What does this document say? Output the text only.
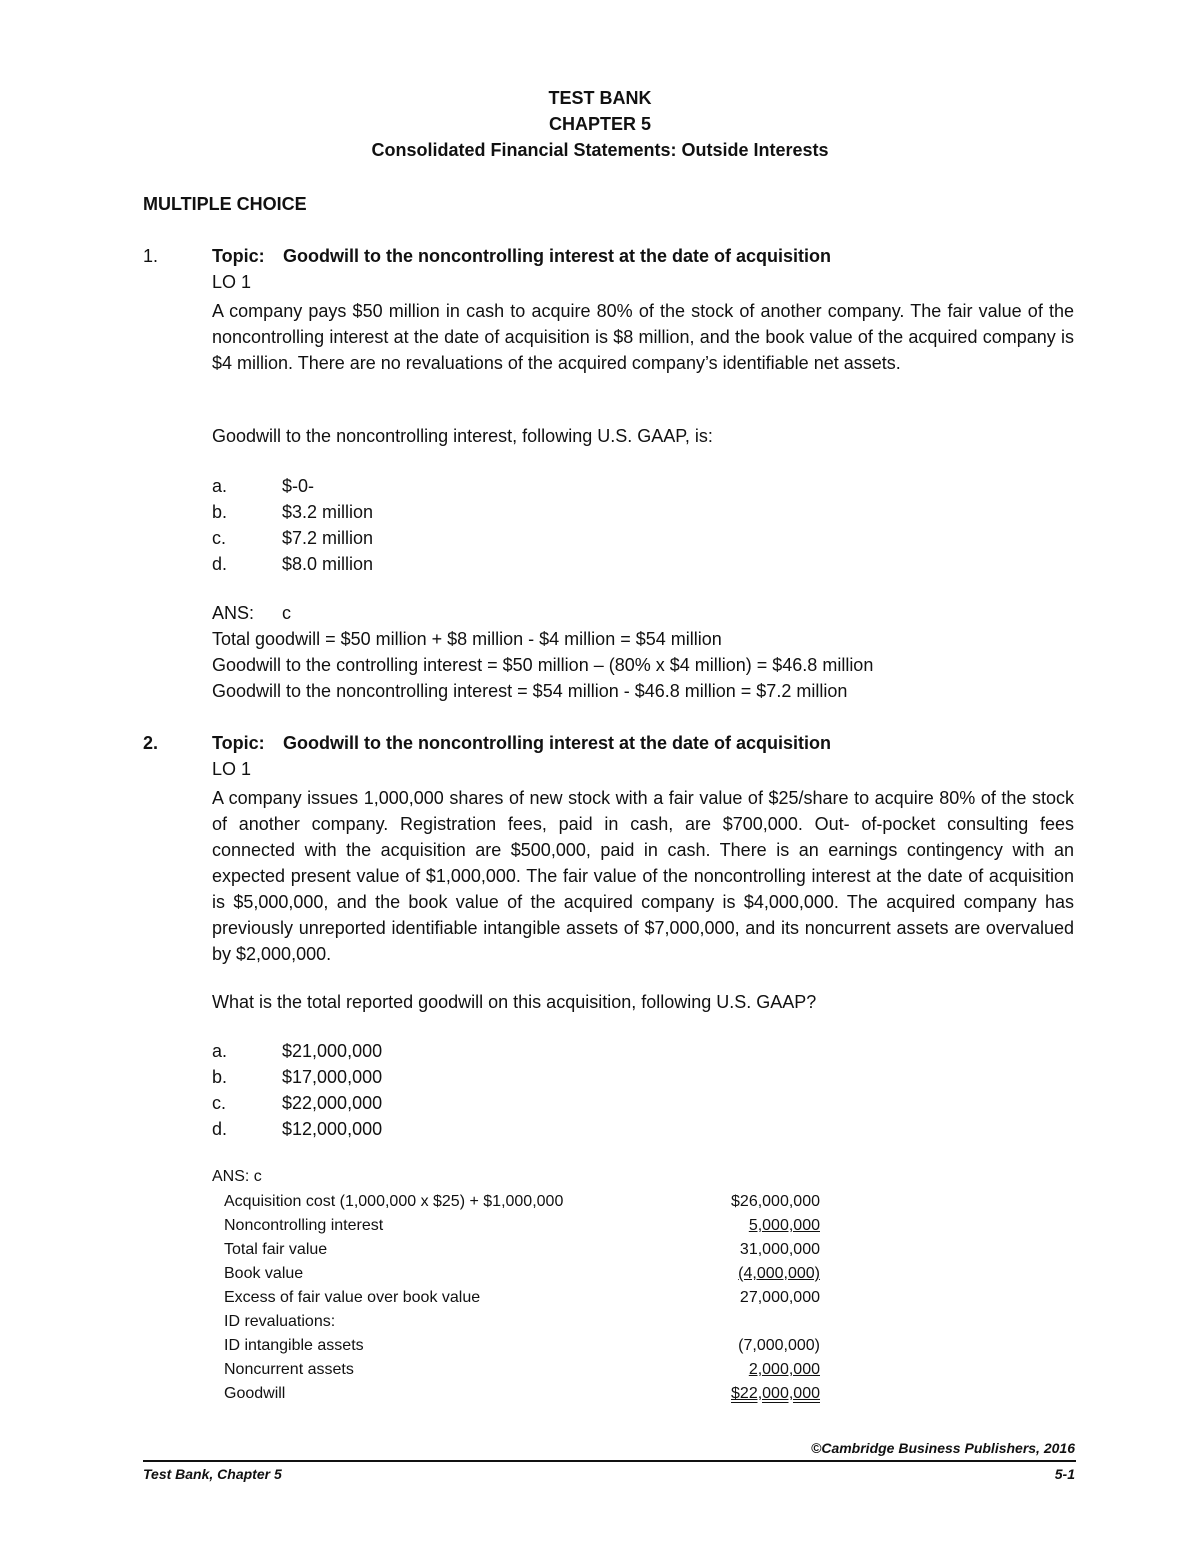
TEST BANK
CHAPTER 5
Consolidated Financial Statements: Outside Interests
MULTIPLE CHOICE
1.	Topic: Goodwill to the noncontrolling interest at the date of acquisition
LO 1
A company pays $50 million in cash to acquire 80% of the stock of another company. The fair value of the noncontrolling interest at the date of acquisition is $8 million, and the book value of the acquired company is $4 million. There are no revaluations of the acquired company’s identifiable net assets.
Goodwill to the noncontrolling interest, following U.S. GAAP, is:
a.	$-0-
b.	$3.2 million
c.	$7.2 million
d.	$8.0 million
ANS: c
Total goodwill = $50 million + $8 million - $4 million = $54 million
Goodwill to the controlling interest = $50 million – (80% x $4 million) = $46.8 million
Goodwill to the noncontrolling interest = $54 million - $46.8 million = $7.2 million
2.	Topic: Goodwill to the noncontrolling interest at the date of acquisition
LO 1
A company issues 1,000,000 shares of new stock with a fair value of $25/share to acquire 80% of the stock of another company. Registration fees, paid in cash, are $700,000. Out- of-pocket consulting fees connected with the acquisition are $500,000, paid in cash. There is an earnings contingency with an expected present value of $1,000,000. The fair value of the noncontrolling interest at the date of acquisition is $5,000,000, and the book value of the acquired company is $4,000,000. The acquired company has previously unreported identifiable intangible assets of $7,000,000, and its noncurrent assets are overvalued by $2,000,000.
What is the total reported goodwill on this acquisition, following U.S. GAAP?
a.	$21,000,000
b.	$17,000,000
c.	$22,000,000
d.	$12,000,000
ANS: c
Acquisition cost (1,000,000 x $25) + $1,000,000	$26,000,000
Noncontrolling interest	5,000,000
Total fair value	31,000,000
Book value	(4,000,000)
Excess of fair value over book value	27,000,000
ID revaluations:
ID intangible assets	(7,000,000)
Noncurrent assets	2,000,000
Goodwill	$22,000,000
©Cambridge Business Publishers, 2016
Test Bank, Chapter 5	5-1
